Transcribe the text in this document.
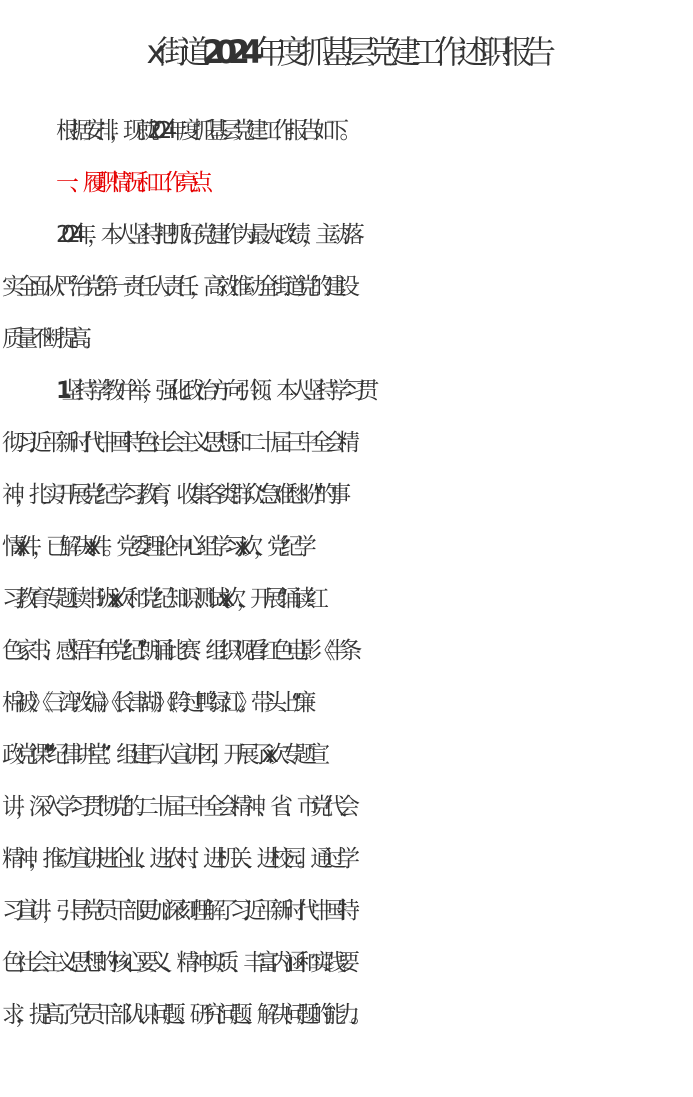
x 街道 2024 年度抓基层党建工作述职报告
根据安排，现就 2024 年度抓基层党建工作报告如下。
一、履职情况和工作亮点
2024 年，本人坚持把抓好党建作为最大政绩，主动落
实全面从严治党第一责任人责任，高效推动全街道党的建设
质量不断提高。
1.坚持学教并举，强化政治方向引领。本人坚持学习贯
彻习近平新时代中国特色社会主义思想和二十届三中全会精
神，扎实开展党纪学习教育，收集各类群众“急难愁盼”的事
情 xx 件，已解决 xx 件。党委理论中心组学习 xx 次，党纪学
习教育专题读书班 xx 次和党纪知识测试 xx 次，开展“诵读红
色家书、感悟百年党纪”朗诵比赛、组织观看红色电影《半条
棉被》《三湾改编》《长津湖》《跨过鸭绿江》。带头上“廉
政党课”“纪律讲堂”。组建百人宣讲团，开展了 xx 次专题宣
讲，深入学习贯彻党的二十届三中全会精神、省、市党代会
精神，推动宣讲进企业、进农村、进机关、进校园。通过学
习宣讲，引导党员干部更加深刻理解了习近平新时代中国特
色社会主义思想的核心要义、精神实质、丰富内涵和实践要
求，提高了党员干部认识问题、研究问题、解决问题的能力。
